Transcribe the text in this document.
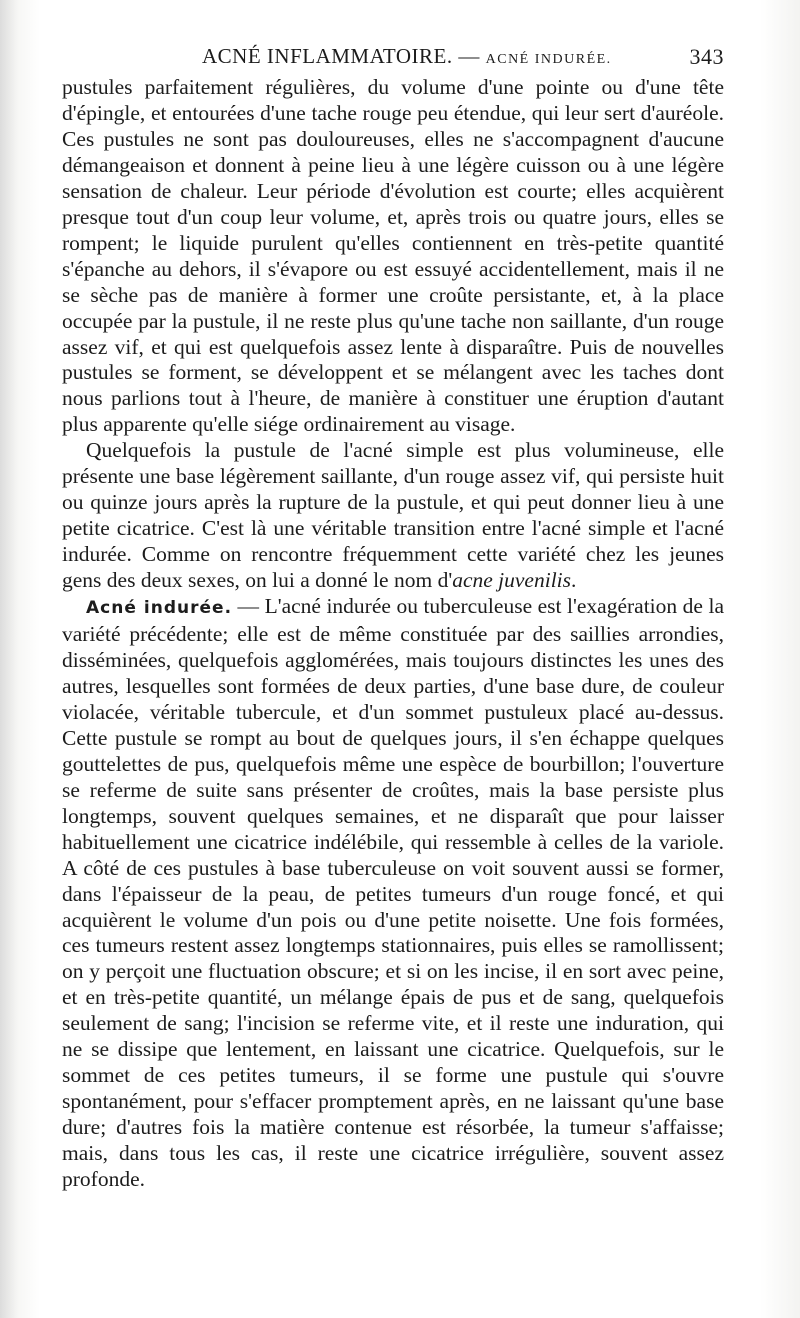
ACNÉ INFLAMMATOIRE. — ACNÉ INDURÉE.	343

pustules parfaitement régulières, du volume d'une pointe ou d'une tête d'épingle, et entourées d'une tache rouge peu étendue, qui leur sert d'auréole. Ces pustules ne sont pas douloureuses, elles ne s'accompagnent d'aucune démangeaison et donnent à peine lieu à une légère cuisson ou à une légère sensation de chaleur. Leur période d'évolution est courte; elles acquièrent presque tout d'un coup leur volume, et, après trois ou quatre jours, elles se rompent; le liquide purulent qu'elles contiennent en très-petite quantité s'épanche au dehors, il s'évapore ou est essuyé accidentellement, mais il ne se sèche pas de manière à former une croûte persistante, et, à la place occupée par la pustule, il ne reste plus qu'une tache non saillante, d'un rouge assez vif, et qui est quelquefois assez lente à disparaître. Puis de nouvelles pustules se forment, se développent et se mélangent avec les taches dont nous parlions tout à l'heure, de manière à constituer une éruption d'autant plus apparente qu'elle siége ordinairement au visage.

Quelquefois la pustule de l'acné simple est plus volumineuse, elle présente une base légèrement saillante, d'un rouge assez vif, qui persiste huit ou quinze jours après la rupture de la pustule, et qui peut donner lieu à une petite cicatrice. C'est là une véritable transition entre l'acné simple et l'acné indurée. Comme on rencontre fréquemment cette variété chez les jeunes gens des deux sexes, on lui a donné le nom d'acne juvenilis.

Acné indurée. — L'acné indurée ou tuberculeuse est l'exagération de la variété précédente; elle est de même constituée par des saillies arrondies, disséminées, quelquefois agglomérées, mais toujours distinctes les unes des autres, lesquelles sont formées de deux parties, d'une base dure, de couleur violacée, véritable tubercule, et d'un sommet pustuleux placé au-dessus. Cette pustule se rompt au bout de quelques jours, il s'en échappe quelques gouttelettes de pus, quelquefois même une espèce de bourbillon; l'ouverture se referme de suite sans présenter de croûtes, mais la base persiste plus longtemps, souvent quelques semaines, et ne disparaît que pour laisser habituellement une cicatrice indélébile, qui ressemble à celles de la variole. A côté de ces pustules à base tuberculeuse on voit souvent aussi se former, dans l'épaisseur de la peau, de petites tumeurs d'un rouge foncé, et qui acquièrent le volume d'un pois ou d'une petite noisette. Une fois formées, ces tumeurs restent assez longtemps stationnaires, puis elles se ramollissent; on y perçoit une fluctuation obscure; et si on les incise, il en sort avec peine, et en très-petite quantité, un mélange épais de pus et de sang, quelquefois seulement de sang; l'incision se referme vite, et il reste une induration, qui ne se dissipe que lentement, en laissant une cicatrice. Quelquefois, sur le sommet de ces petites tumeurs, il se forme une pustule qui s'ouvre spontanément, pour s'effacer promptement après, en ne laissant qu'une base dure; d'autres fois la matière contenue est résorbée, la tumeur s'affaisse; mais, dans tous les cas, il reste une cicatrice irrégulière, souvent assez profonde.
